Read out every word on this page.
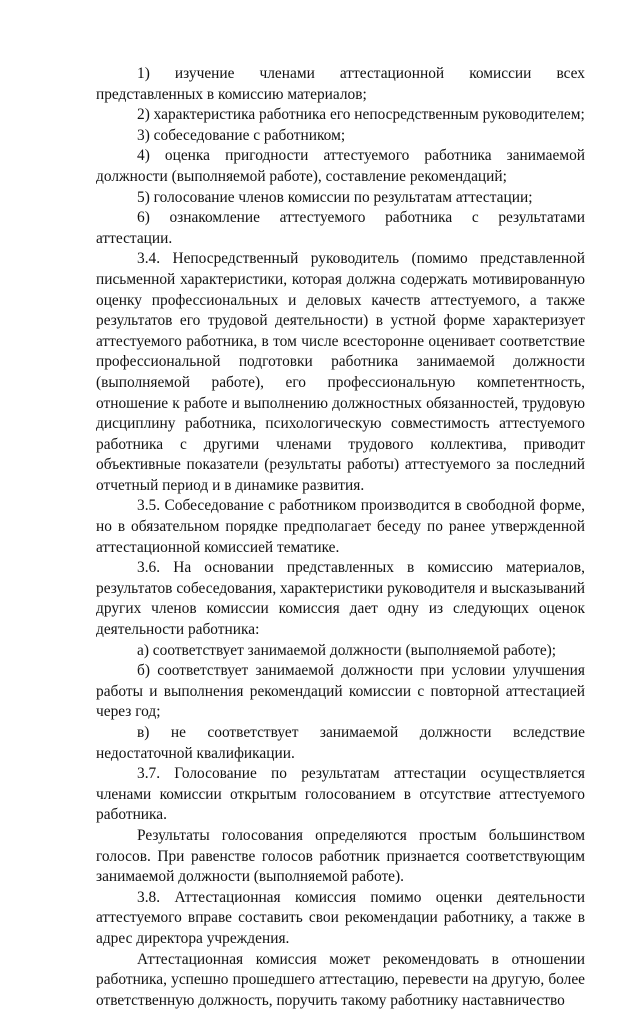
1) изучение членами аттестационной комиссии всех представленных в комиссию материалов;

2) характеристика работника его непосредственным руководителем;

3) собеседование с работником;

4) оценка пригодности аттестуемого работника занимаемой должности (выполняемой работе), составление рекомендаций;

5) голосование членов комиссии по результатам аттестации;

6) ознакомление аттестуемого работника с результатами аттестации.

3.4. Непосредственный руководитель (помимо представленной письменной характеристики, которая должна содержать мотивированную оценку профессиональных и деловых качеств аттестуемого, а также результатов его трудовой деятельности) в устной форме характеризует аттестуемого работника, в том числе всесторонне оценивает соответствие профессиональной подготовки работника занимаемой должности (выполняемой работе), его профессиональную компетентность, отношение к работе и выполнению должностных обязанностей, трудовую дисциплину работника, психологическую совместимость аттестуемого работника с другими членами трудового коллектива, приводит объективные показатели (результаты работы) аттестуемого за последний отчетный период и в динамике развития.

3.5. Собеседование с работником производится в свободной форме, но в обязательном порядке предполагает беседу по ранее утвержденной аттестационной комиссией тематике.

3.6. На основании представленных в комиссию материалов, результатов собеседования, характеристики руководителя и высказываний других членов комиссии комиссия дает одну из следующих оценок деятельности работника:

а) соответствует занимаемой должности (выполняемой работе);

б) соответствует занимаемой должности при условии улучшения работы и выполнения рекомендаций комиссии с повторной аттестацией через год;

в) не соответствует занимаемой должности вследствие недостаточной квалификации.

3.7. Голосование по результатам аттестации осуществляется членами комиссии открытым голосованием в отсутствие аттестуемого работника.

Результаты голосования определяются простым большинством голосов. При равенстве голосов работник признается соответствующим занимаемой должности (выполняемой работе).

3.8. Аттестационная комиссия помимо оценки деятельности аттестуемого вправе составить свои рекомендации работнику, а также в адрес директора учреждения.

Аттестационная комиссия может рекомендовать в отношении работника, успешно прошедшего аттестацию, перевести на другую, более ответственную должность, поручить такому работнику наставничество
